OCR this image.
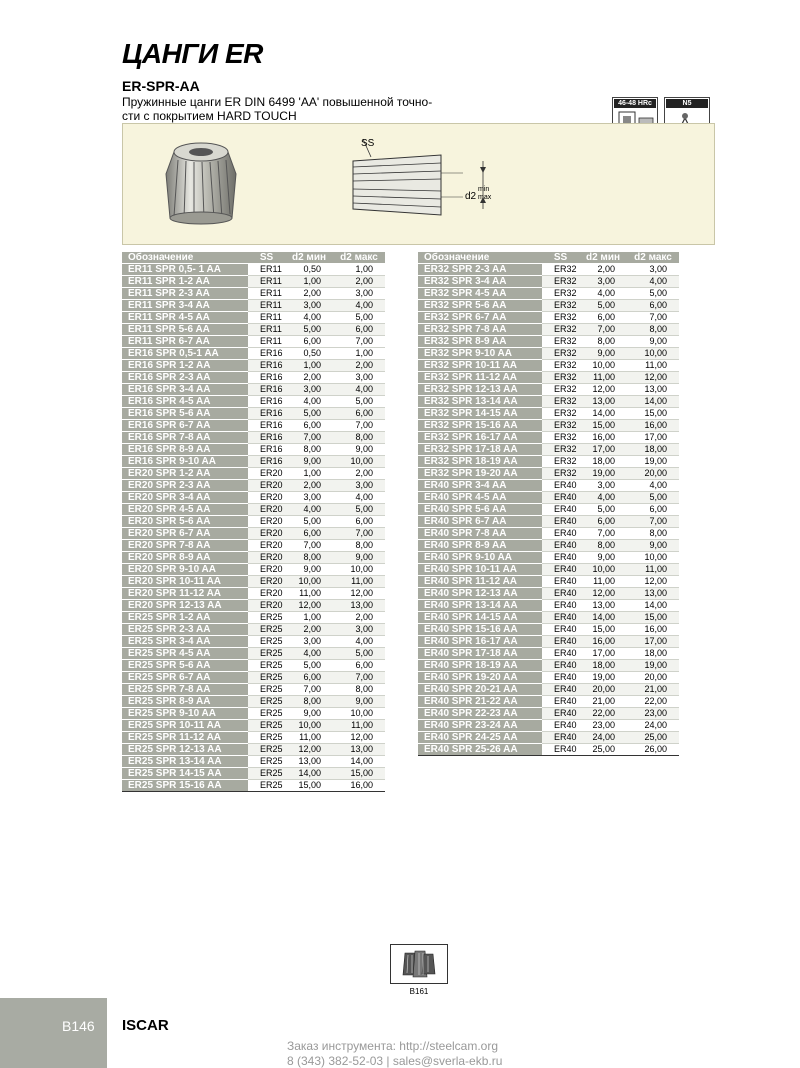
ЦАНГИ ER
ER-SPR-AA
Пружинные цанги ER DIN 6499 'AA' повышенной точно-
сти с покрытием HARD TOUCH
46-48 HRc	N5
SS
d2
min
max
Обозначение	SS	d2 мин	d2 макс
ER11 SPR 0,5- 1 AA	ER11	0,50	1,00
ER11 SPR 1-2 AA	ER11	1,00	2,00
ER11 SPR 2-3 AA	ER11	2,00	3,00
ER11 SPR 3-4 AA	ER11	3,00	4,00
ER11 SPR 4-5 AA	ER11	4,00	5,00
ER11 SPR 5-6 AA	ER11	5,00	6,00
ER11 SPR 6-7 AA	ER11	6,00	7,00
ER16 SPR 0,5-1 AA	ER16	0,50	1,00
ER16 SPR 1-2 AA	ER16	1,00	2,00
ER16 SPR 2-3 AA	ER16	2,00	3,00
ER16 SPR 3-4 AA	ER16	3,00	4,00
ER16 SPR 4-5 AA	ER16	4,00	5,00
ER16 SPR 5-6 AA	ER16	5,00	6,00
ER16 SPR 6-7 AA	ER16	6,00	7,00
ER16 SPR 7-8 AA	ER16	7,00	8,00
ER16 SPR 8-9 AA	ER16	8,00	9,00
ER16 SPR 9-10 AA	ER16	9,00	10,00
ER20 SPR 1-2 AA	ER20	1,00	2,00
ER20 SPR 2-3 AA	ER20	2,00	3,00
ER20 SPR 3-4 AA	ER20	3,00	4,00
ER20 SPR 4-5 AA	ER20	4,00	5,00
ER20 SPR 5-6 AA	ER20	5,00	6,00
ER20 SPR 6-7 AA	ER20	6,00	7,00
ER20 SPR 7-8 AA	ER20	7,00	8,00
ER20 SPR 8-9 AA	ER20	8,00	9,00
ER20 SPR 9-10 AA	ER20	9,00	10,00
ER20 SPR 10-11 AA	ER20	10,00	11,00
ER20 SPR 11-12 AA	ER20	11,00	12,00
ER20 SPR 12-13 AA	ER20	12,00	13,00
ER25 SPR 1-2 AA	ER25	1,00	2,00
ER25 SPR 2-3 AA	ER25	2,00	3,00
ER25 SPR 3-4 AA	ER25	3,00	4,00
ER25 SPR 4-5 AA	ER25	4,00	5,00
ER25 SPR 5-6 AA	ER25	5,00	6,00
ER25 SPR 6-7 AA	ER25	6,00	7,00
ER25 SPR 7-8 AA	ER25	7,00	8,00
ER25 SPR 8-9 AA	ER25	8,00	9,00
ER25 SPR 9-10 AA	ER25	9,00	10,00
ER25 SPR 10-11 AA	ER25	10,00	11,00
ER25 SPR 11-12 AA	ER25	11,00	12,00
ER25 SPR 12-13 AA	ER25	12,00	13,00
ER25 SPR 13-14 AA	ER25	13,00	14,00
ER25 SPR 14-15 AA	ER25	14,00	15,00
ER25 SPR 15-16 AA	ER25	15,00	16,00
Обозначение	SS	d2 мин	d2 макс
ER32 SPR 2-3 AA	ER32	2,00	3,00
ER32 SPR 3-4 AA	ER32	3,00	4,00
ER32 SPR 4-5 AA	ER32	4,00	5,00
ER32 SPR 5-6 AA	ER32	5,00	6,00
ER32 SPR 6-7 AA	ER32	6,00	7,00
ER32 SPR 7-8 AA	ER32	7,00	8,00
ER32 SPR 8-9 AA	ER32	8,00	9,00
ER32 SPR 9-10 AA	ER32	9,00	10,00
ER32 SPR 10-11 AA	ER32	10,00	11,00
ER32 SPR 11-12 AA	ER32	11,00	12,00
ER32 SPR 12-13 AA	ER32	12,00	13,00
ER32 SPR 13-14 AA	ER32	13,00	14,00
ER32 SPR 14-15 AA	ER32	14,00	15,00
ER32 SPR 15-16 AA	ER32	15,00	16,00
ER32 SPR 16-17 AA	ER32	16,00	17,00
ER32 SPR 17-18 AA	ER32	17,00	18,00
ER32 SPR 18-19 AA	ER32	18,00	19,00
ER32 SPR 19-20 AA	ER32	19,00	20,00
ER40 SPR 3-4 AA	ER40	3,00	4,00
ER40 SPR 4-5 AA	ER40	4,00	5,00
ER40 SPR 5-6 AA	ER40	5,00	6,00
ER40 SPR 6-7 AA	ER40	6,00	7,00
ER40 SPR 7-8 AA	ER40	7,00	8,00
ER40 SPR 8-9 AA	ER40	8,00	9,00
ER40 SPR 9-10 AA	ER40	9,00	10,00
ER40 SPR 10-11 AA	ER40	10,00	11,00
ER40 SPR 11-12 AA	ER40	11,00	12,00
ER40 SPR 12-13 AA	ER40	12,00	13,00
ER40 SPR 13-14 AA	ER40	13,00	14,00
ER40 SPR 14-15 AA	ER40	14,00	15,00
ER40 SPR 15-16 AA	ER40	15,00	16,00
ER40 SPR 16-17 AA	ER40	16,00	17,00
ER40 SPR 17-18 AA	ER40	17,00	18,00
ER40 SPR 18-19 AA	ER40	18,00	19,00
ER40 SPR 19-20 AA	ER40	19,00	20,00
ER40 SPR 20-21 AA	ER40	20,00	21,00
ER40 SPR 21-22 AA	ER40	21,00	22,00
ER40 SPR 22-23 AA	ER40	22,00	23,00
ER40 SPR 23-24 AA	ER40	23,00	24,00
ER40 SPR 24-25 AA	ER40	24,00	25,00
ER40 SPR 25-26 AA	ER40	25,00	26,00
B161
B146 ISCAR
Заказ инструмента: http://steelcam.org
8 (343) 382-52-03 | sales@sverla-ekb.ru
